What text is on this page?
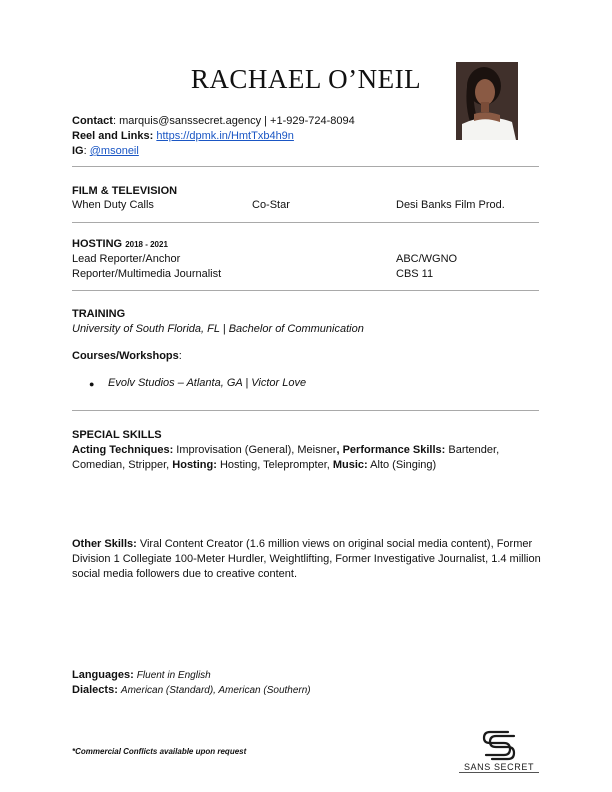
RACHAEL O’NEIL
Contact: marquis@sanssecret.agency | +1-929-724-8094
Reel and Links: https://dpmk.in/HmtTxb4h9n
IG: @msoneil
FILM & TELEVISION
When Duty Calls	Co-Star	Desi Banks Film Prod.
HOSTING 2018 - 2021
Lead Reporter/Anchor	ABC/WGNO
Reporter/Multimedia Journalist	CBS 11
TRAINING
University of South Florida, FL | Bachelor of Communication
Courses/Workshops:
● Evolv Studios – Atlanta, GA | Victor Love
SPECIAL SKILLS
Acting Techniques: Improvisation (General), Meisner, Performance Skills: Bartender, Comedian, Stripper, Hosting: Hosting, Teleprompter, Music: Alto (Singing)
Other Skills: Viral Content Creator (1.6 million views on original social media content), Former Division 1 Collegiate 100-Meter Hurdler, Weightlifting, Former Investigative Journalist, 1.4 million social media followers due to creative content.
Languages: Fluent in English
Dialects: American (Standard), American (Southern)
*Commercial Conflicts available upon request
SANS SECRET
